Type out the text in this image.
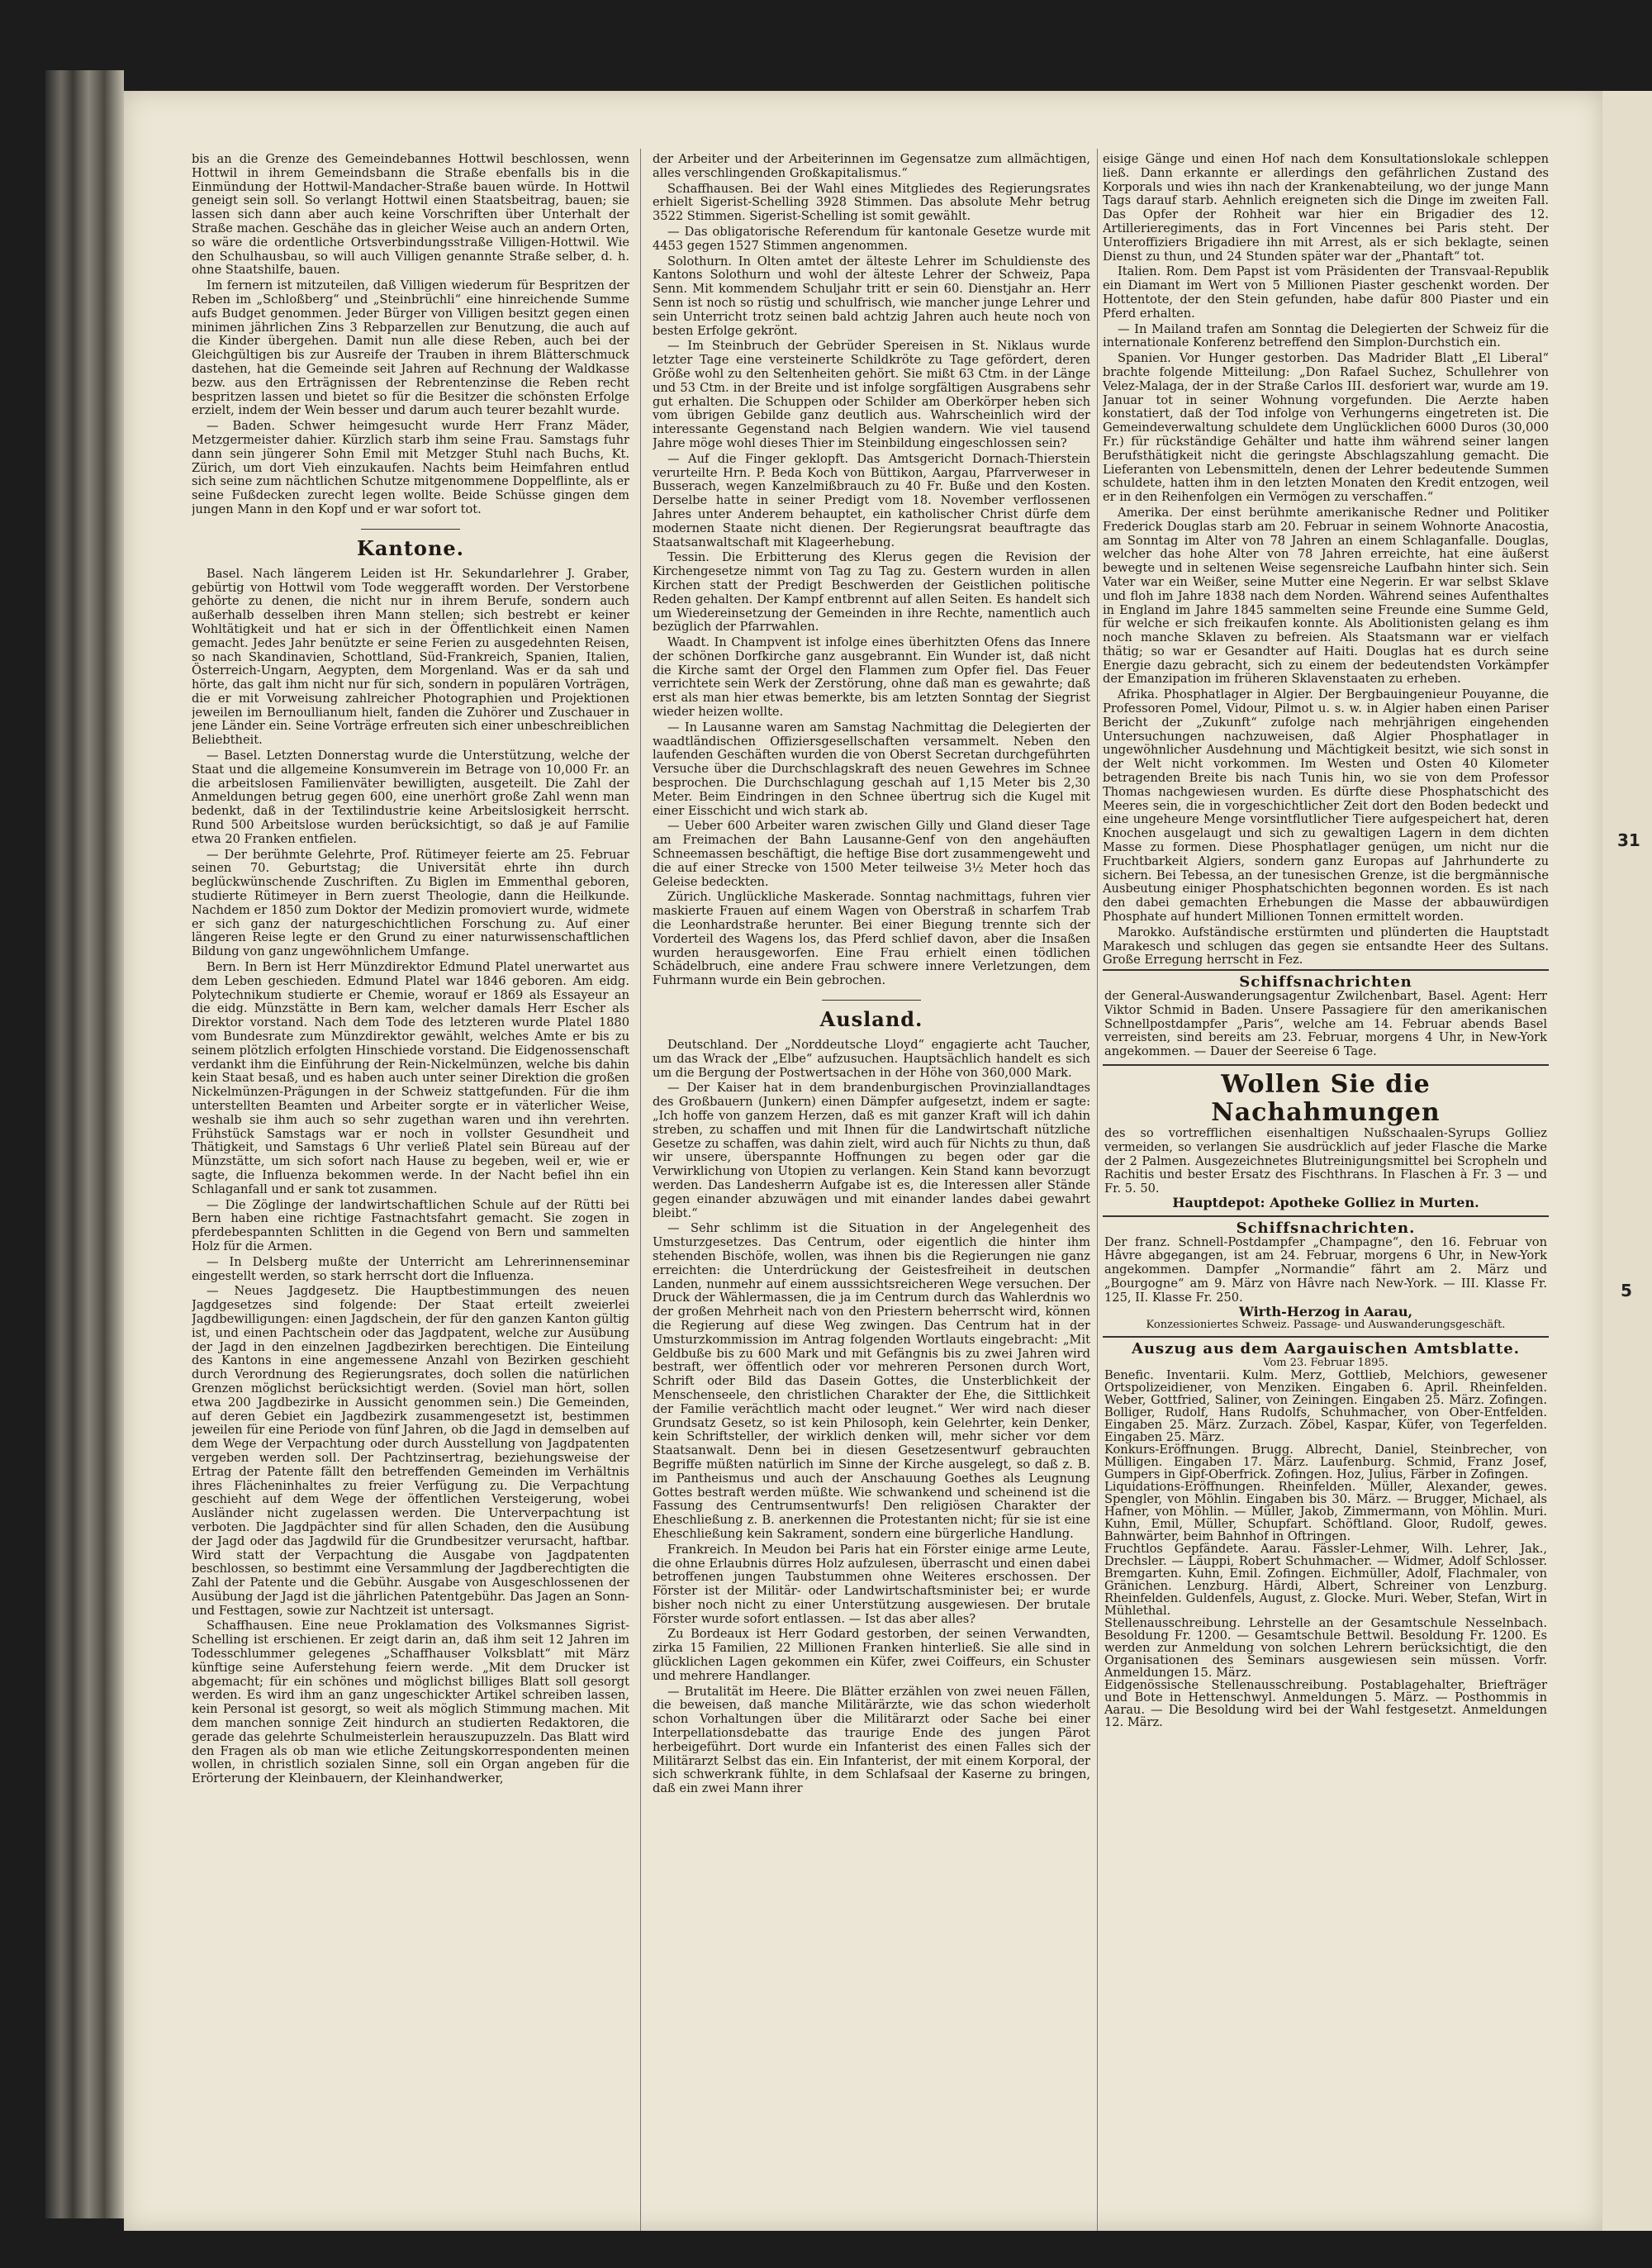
31
5

bis an die Grenze des Gemeindebannes Hottwil beschlossen, wenn Hottwil in ihrem Gemeindsbann die Straße ebenfalls bis in die Einmündung der Hottwil-Mandacher-Straße bauen würde. In Hottwil geneigt sein soll. So verlangt Hottwil einen Staatsbeitrag, bauen; sie lassen sich dann aber auch keine Vorschriften über Unterhalt der Straße machen. Geschähe das in gleicher Weise auch an andern Orten, so wäre die ordentliche Ortsverbindungsstraße Villigen-Hottwil. Wie den Schulhausbau, so will auch Villigen genannte Straße selber, d. h. ohne Staatshilfe, bauen.

Im fernern ist mitzuteilen, daß Villigen wiederum für Bespritzen der Reben im „Schloßberg“ und „Steinbrüchli“ eine hinreichende Summe aufs Budget genommen. Jeder Bürger von Villigen besitzt gegen einen minimen jährlichen Zins 3 Rebparzellen zur Benutzung, die auch auf die Kinder übergehen. Damit nun alle diese Reben, auch bei der Gleichgültigen bis zur Ausreife der Trauben in ihrem Blätterschmuck dastehen, hat die Gemeinde seit Jahren auf Rechnung der Waldkasse bezw. aus den Erträgnissen der Rebrentenzinse die Reben recht bespritzen lassen und bietet so für die Besitzer die schönsten Erfolge erzielt, indem der Wein besser und darum auch teurer bezahlt wurde.

— Baden. Schwer heimgesucht wurde Herr Franz Mäder, Metzgermeister dahier. Kürzlich starb ihm seine Frau. Samstags fuhr dann sein jüngerer Sohn Emil mit Metzger Stuhl nach Buchs, Kt. Zürich, um dort Vieh einzukaufen. Nachts beim Heimfahren entlud sich seine zum nächtlichen Schutze mitgenommene Doppelflinte, als er seine Fußdecken zurecht legen wollte. Beide Schüsse gingen dem jungen Mann in den Kopf und er war sofort tot.

Kantone.

Basel. Nach längerem Leiden ist Hr. Sekundarlehrer J. Graber, gebürtig von Hottwil vom Tode weggerafft worden. Der Verstorbene gehörte zu denen, die nicht nur in ihrem Berufe, sondern auch außerhalb desselben ihren Mann stellen; sich bestrebt er keiner Wohltätigkeit und hat er sich in der Öffentlichkeit einen Namen gemacht. Jedes Jahr benützte er seine Ferien zu ausgedehnten Reisen, so nach Skandinavien, Schottland, Süd-Frankreich, Spanien, Italien, Österreich-Ungarn, Aegypten, dem Morgenland. Was er da sah und hörte, das galt ihm nicht nur für sich, sondern in populären Vorträgen, die er mit Vorweisung zahlreicher Photographien und Projektionen jeweilen im Bernoullianum hielt, fanden die Zuhörer und Zuschauer in jene Länder ein. Seine Vorträge erfreuten sich einer unbeschreiblichen Beliebtheit.

— Basel. Letzten Donnerstag wurde die Unterstützung, welche der Staat und die allgemeine Konsumverein im Betrage von 10,000 Fr. an die arbeitslosen Familienväter bewilligten, ausgeteilt. Die Zahl der Anmeldungen betrug gegen 600, eine unerhört große Zahl wenn man bedenkt, daß in der Textilindustrie keine Arbeitslosigkeit herrscht. Rund 500 Arbeitslose wurden berücksichtigt, so daß je auf Familie etwa 20 Franken entfielen.

— Der berühmte Gelehrte, Prof. Rütimeyer feierte am 25. Februar seinen 70. Geburtstag; die Universität ehrte ihn durch beglückwünschende Zuschriften. Zu Biglen im Emmenthal geboren, studierte Rütimeyer in Bern zuerst Theologie, dann die Heilkunde. Nachdem er 1850 zum Doktor der Medizin promoviert wurde, widmete er sich ganz der naturgeschichtlichen Forschung zu. Auf einer längeren Reise legte er den Grund zu einer naturwissenschaftlichen Bildung von ganz ungewöhnlichem Umfange.

Bern. In Bern ist Herr Münzdirektor Edmund Platel unerwartet aus dem Leben geschieden. Edmund Platel war 1846 geboren. Am eidg. Polytechnikum studierte er Chemie, worauf er 1869 als Essayeur an die eidg. Münzstätte in Bern kam, welcher damals Herr Escher als Direktor vorstand. Nach dem Tode des letzteren wurde Platel 1880 vom Bundesrate zum Münzdirektor gewählt, welches Amte er bis zu seinem plötzlich erfolgten Hinschiede vorstand. Die Eidgenossenschaft verdankt ihm die Einführung der Rein-Nickelmünzen, welche bis dahin kein Staat besaß, und es haben auch unter seiner Direktion die großen Nickelmünzen-Prägungen in der Schweiz stattgefunden. Für die ihm unterstellten Beamten und Arbeiter sorgte er in väterlicher Weise, weshalb sie ihm auch so sehr zugethan waren und ihn verehrten. Frühstück Samstags war er noch in vollster Gesundheit und Thätigkeit, und Samstags 6 Uhr verließ Platel sein Büreau auf der Münzstätte, um sich sofort nach Hause zu begeben, weil er, wie er sagte, die Influenza bekommen werde. In der Nacht befiel ihn ein Schlaganfall und er sank tot zusammen.

— Die Zöglinge der landwirtschaftlichen Schule auf der Rütti bei Bern haben eine richtige Fastnachtsfahrt gemacht. Sie zogen in pferdebespannten Schlitten in die Gegend von Bern und sammelten Holz für die Armen.

— In Delsberg mußte der Unterricht am Lehrerinnenseminar eingestellt werden, so stark herrscht dort die Influenza.

— Neues Jagdgesetz. Die Hauptbestimmungen des neuen Jagdgesetzes sind folgende: Der Staat erteilt zweierlei Jagdbewilligungen: einen Jagdschein, der für den ganzen Kanton gültig ist, und einen Pachtschein oder das Jagdpatent, welche zur Ausübung der Jagd in den einzelnen Jagdbezirken berechtigen. Die Einteilung des Kantons in eine angemessene Anzahl von Bezirken geschieht durch Verordnung des Regierungsrates, doch sollen die natürlichen Grenzen möglichst berücksichtigt werden. (Soviel man hört, sollen etwa 200 Jagdbezirke in Aussicht genommen sein.) Die Gemeinden, auf deren Gebiet ein Jagdbezirk zusammengesetzt ist, bestimmen jeweilen für eine Periode von fünf Jahren, ob die Jagd in demselben auf dem Wege der Verpachtung oder durch Ausstellung von Jagdpatenten vergeben werden soll. Der Pachtzinsertrag, beziehungsweise der Ertrag der Patente fällt den betreffenden Gemeinden im Verhältnis ihres Flächeninhaltes zu freier Verfügung zu. Die Verpachtung geschieht auf dem Wege der öffentlichen Versteigerung, wobei Ausländer nicht zugelassen werden. Die Unterverpachtung ist verboten. Die Jagdpächter sind für allen Schaden, den die Ausübung der Jagd oder das Jagdwild für die Grundbesitzer verursacht, haftbar. Wird statt der Verpachtung die Ausgabe von Jagdpatenten beschlossen, so bestimmt eine Versammlung der Jagdberechtigten die Zahl der Patente und die Gebühr. Ausgabe von Ausgeschlossenen der Ausübung der Jagd ist die jährlichen Patentgebühr. Das Jagen an Sonn- und Festtagen, sowie zur Nachtzeit ist untersagt.

Schaffhausen. Eine neue Proklamation des Volksmannes Sigrist-Schelling ist erschienen. Er zeigt darin an, daß ihm seit 12 Jahren im Todesschlummer gelegenes „Schaffhauser Volksblatt“ mit März künftige seine Auferstehung feiern werde. „Mit dem Drucker ist abgemacht; für ein schönes und möglichst billiges Blatt soll gesorgt werden. Es wird ihm an ganz ungeschickter Artikel schreiben lassen, kein Personal ist gesorgt, so weit als möglich Stimmung machen. Mit dem manchen sonnige Zeit hindurch an studierten Redaktoren, die gerade das gelehrte Schulmeisterlein herauszupuzzeln. Das Blatt wird den Fragen als ob man wie etliche Zeitungskorrespondenten meinen wollen, in christlich sozialen Sinne, soll ein Organ angeben für die Erörterung der Kleinbauern, der Kleinhandwerker,

der Arbeiter und der Arbeiterinnen im Gegensatze zum allmächtigen, alles verschlingenden Großkapitalismus.“

Schaffhausen. Bei der Wahl eines Mitgliedes des Regierungsrates erhielt Sigerist-Schelling 3928 Stimmen. Das absolute Mehr betrug 3522 Stimmen. Sigerist-Schelling ist somit gewählt.

— Das obligatorische Referendum für kantonale Gesetze wurde mit 4453 gegen 1527 Stimmen angenommen.

Solothurn. In Olten amtet der älteste Lehrer im Schuldienste des Kantons Solothurn und wohl der älteste Lehrer der Schweiz, Papa Senn. Mit kommendem Schuljahr tritt er sein 60. Dienstjahr an. Herr Senn ist noch so rüstig und schulfrisch, wie mancher junge Lehrer und sein Unterricht trotz seinen bald achtzig Jahren auch heute noch von besten Erfolge gekrönt.

— Im Steinbruch der Gebrüder Spereisen in St. Niklaus wurde letzter Tage eine versteinerte Schildkröte zu Tage gefördert, deren Größe wohl zu den Seltenheiten gehört. Sie mißt 63 Ctm. in der Länge und 53 Ctm. in der Breite und ist infolge sorgfältigen Ausgrabens sehr gut erhalten. Die Schuppen oder Schilder am Oberkörper heben sich vom übrigen Gebilde ganz deutlich aus. Wahrscheinlich wird der interessante Gegenstand nach Belgien wandern. Wie viel tausend Jahre möge wohl dieses Thier im Steinbildung eingeschlossen sein?

— Auf die Finger geklopft. Das Amtsgericht Dornach-Thierstein verurteilte Hrn. P. Beda Koch von Büttikon, Aargau, Pfarrverweser in Busserach, wegen Kanzelmißbrauch zu 40 Fr. Buße und den Kosten. Derselbe hatte in seiner Predigt vom 18. November verflossenen Jahres unter Anderem behauptet, ein katholischer Christ dürfe dem modernen Staate nicht dienen. Der Regierungsrat beauftragte das Staatsanwaltschaft mit Klageerhebung.

Tessin. Die Erbitterung des Klerus gegen die Revision der Kirchengesetze nimmt von Tag zu Tag zu. Gestern wurden in allen Kirchen statt der Predigt Beschwerden der Geistlichen politische Reden gehalten. Der Kampf entbrennt auf allen Seiten. Es handelt sich um Wiedereinsetzung der Gemeinden in ihre Rechte, namentlich auch bezüglich der Pfarrwahlen.

Waadt. In Champvent ist infolge eines überhitzten Ofens das Innere der schönen Dorfkirche ganz ausgebrannt. Ein Wunder ist, daß nicht die Kirche samt der Orgel den Flammen zum Opfer fiel. Das Feuer verrichtete sein Werk der Zerstörung, ohne daß man es gewahrte; daß erst als man hier etwas bemerkte, bis am letzten Sonntag der Siegrist wieder heizen wollte.

— In Lausanne waren am Samstag Nachmittag die Delegierten der waadtländischen Offiziersgesellschaften versammelt. Neben den laufenden Geschäften wurden die von Oberst Secretan durchgeführten Versuche über die Durchschlagskraft des neuen Gewehres im Schnee besprochen. Die Durchschlagung geschah auf 1,15 Meter bis 2,30 Meter. Beim Eindringen in den Schnee übertrug sich die Kugel mit einer Eisschicht und wich stark ab.

— Ueber 600 Arbeiter waren zwischen Gilly und Gland dieser Tage am Freimachen der Bahn Lausanne-Genf von den angehäuften Schneemassen beschäftigt, die heftige Bise dort zusammengeweht und die auf einer Strecke von 1500 Meter teilweise 3½ Meter hoch das Geleise bedeckten.

Zürich. Unglückliche Maskerade. Sonntag nachmittags, fuhren vier maskierte Frauen auf einem Wagen von Oberstraß in scharfem Trab die Leonhardstraße herunter. Bei einer Biegung trennte sich der Vorderteil des Wagens los, das Pferd schlief davon, aber die Insaßen wurden herausgeworfen. Eine Frau erhielt einen tödlichen Schädelbruch, eine andere Frau schwere innere Verletzungen, dem Fuhrmann wurde ein Bein gebrochen.

Ausland.

Deutschland. Der „Norddeutsche Lloyd“ engagierte acht Taucher, um das Wrack der „Elbe“ aufzusuchen. Hauptsächlich handelt es sich um die Bergung der Postwertsachen in der Höhe von 360,000 Mark.

— Der Kaiser hat in dem brandenburgischen Provinziallandtages des Großbauern (Junkern) einen Dämpfer aufgesetzt, indem er sagte: „Ich hoffe von ganzem Herzen, daß es mit ganzer Kraft will ich dahin streben, zu schaffen und mit Ihnen für die Landwirtschaft nützliche Gesetze zu schaffen, was dahin zielt, wird auch für Nichts zu thun, daß wir unsere, überspannte Hoffnungen zu begen oder gar die Verwirklichung von Utopien zu verlangen. Kein Stand kann bevorzugt werden. Das Landesherrn Aufgabe ist es, die Interessen aller Stände gegen einander abzuwägen und mit einander landes dabei gewahrt bleibt.“

— Sehr schlimm ist die Situation in der Angelegenheit des Umsturzgesetzes. Das Centrum, oder eigentlich die hinter ihm stehenden Bischöfe, wollen, was ihnen bis die Regierungen nie ganz erreichten: die Unterdrückung der Geistesfreiheit in deutschen Landen, nunmehr auf einem ausssichtsreicheren Wege versuchen. Der Druck der Wählermassen, die ja im Centrum durch das Wahlerdnis wo der großen Mehrheit nach von den Priestern beherrscht wird, können die Regierung auf diese Weg zwingen. Das Centrum hat in der Umsturzkommission im Antrag folgenden Wortlauts eingebracht: „Mit Geldbuße bis zu 600 Mark und mit Gefängnis bis zu zwei Jahren wird bestraft, wer öffentlich oder vor mehreren Personen durch Wort, Schrift oder Bild das Dasein Gottes, die Unsterblichkeit der Menschenseele, den christlichen Charakter der Ehe, die Sittlichkeit der Familie verächtlich macht oder leugnet.“ Wer wird nach dieser Grundsatz Gesetz, so ist kein Philosoph, kein Gelehrter, kein Denker, kein Schriftsteller, der wirklich denken will, mehr sicher vor dem Staatsanwalt. Denn bei in diesen Gesetzesentwurf gebrauchten Begriffe müßten natürlich im Sinne der Kirche ausgelegt, so daß z. B. im Pantheismus und auch der Anschauung Goethes als Leugnung Gottes bestraft werden müßte. Wie schwankend und scheinend ist die Fassung des Centrumsentwurfs! Den religiösen Charakter der Eheschließung z. B. anerkennen die Protestanten nicht; für sie ist eine Eheschließung kein Sakrament, sondern eine bürgerliche Handlung.

Frankreich. In Meudon bei Paris hat ein Förster einige arme Leute, die ohne Erlaubnis dürres Holz aufzulesen, überrascht und einen dabei betroffenen jungen Taubstummen ohne Weiteres erschossen. Der Förster ist der Militär- oder Landwirtschaftsminister bei; er wurde bisher noch nicht zu einer Unterstützung ausgewiesen. Der brutale Förster wurde sofort entlassen. — Ist das aber alles?

Zu Bordeaux ist Herr Godard gestorben, der seinen Verwandten, zirka 15 Familien, 22 Millionen Franken hinterließ. Sie alle sind in glücklichen Lagen gekommen ein Küfer, zwei Coiffeurs, ein Schuster und mehrere Handlanger.

— Brutalität im Heere. Die Blätter erzählen von zwei neuen Fällen, die beweisen, daß manche Militärärzte, wie das schon wiederholt schon Vorhaltungen über die Militärarzt oder Sache bei einer Interpellationsdebatte das traurige Ende des jungen Pärot herbeigeführt. Dort wurde ein Infanterist des einen Falles sich der Militärarzt Selbst das ein. Ein Infanterist, der mit einem Korporal, der sich schwerkrank fühlte, in dem Schlafsaal der Kaserne zu bringen, daß ein zwei Mann ihrer

eisige Gänge und einen Hof nach dem Konsultationslokale schleppen ließ. Dann erkannte er allerdings den gefährlichen Zustand des Korporals und wies ihn nach der Krankenabteilung, wo der junge Mann Tags darauf starb. Aehnlich ereigneten sich die Dinge im zweiten Fall. Das Opfer der Rohheit war hier ein Brigadier des 12. Artillerieregiments, das in Fort Vincennes bei Paris steht. Der Unteroffiziers Brigadiere ihn mit Arrest, als er sich beklagte, seinen Dienst zu thun, und 24 Stunden später war der „Phantaft“ tot.

Italien. Rom. Dem Papst ist vom Präsidenten der Transvaal-Republik ein Diamant im Wert von 5 Millionen Piaster geschenkt worden. Der Hottentote, der den Stein gefunden, habe dafür 800 Piaster und ein Pferd erhalten.

— In Mailand trafen am Sonntag die Delegierten der Schweiz für die internationale Konferenz betreffend den Simplon-Durchstich ein.

Spanien. Vor Hunger gestorben. Das Madrider Blatt „El Liberal“ brachte folgende Mitteilung: „Don Rafael Suchez, Schullehrer von Velez-Malaga, der in der Straße Carlos III. desforiert war, wurde am 19. Januar tot in seiner Wohnung vorgefunden. Die Aerzte haben konstatiert, daß der Tod infolge von Verhungerns eingetreten ist. Die Gemeindeverwaltung schuldete dem Unglücklichen 6000 Duros (30,000 Fr.) für rückständige Gehälter und hatte ihm während seiner langen Berufsthätigkeit nicht die geringste Abschlagszahlung gemacht. Die Lieferanten von Lebensmitteln, denen der Lehrer bedeutende Summen schuldete, hatten ihm in den letzten Monaten den Kredit entzogen, weil er in den Reihenfolgen ein Vermögen zu verschaffen.“

Amerika. Der einst berühmte amerikanische Redner und Politiker Frederick Douglas starb am 20. Februar in seinem Wohnorte Anacostia, am Sonntag im Alter von 78 Jahren an einem Schlaganfalle. Douglas, welcher das hohe Alter von 78 Jahren erreichte, hat eine äußerst bewegte und in seltenen Weise segensreiche Laufbahn hinter sich. Sein Vater war ein Weißer, seine Mutter eine Negerin. Er war selbst Sklave und floh im Jahre 1838 nach dem Norden. Während seines Aufenthaltes in England im Jahre 1845 sammelten seine Freunde eine Summe Geld, für welche er sich freikaufen konnte. Als Abolitionisten gelang es ihm noch manche Sklaven zu befreien. Als Staatsmann war er vielfach thätig; so war er Gesandter auf Haiti. Douglas hat es durch seine Energie dazu gebracht, sich zu einem der bedeutendsten Vorkämpfer der Emanzipation im früheren Sklavenstaaten zu erheben.

Afrika. Phosphatlager in Algier. Der Bergbauingenieur Pouyanne, die Professoren Pomel, Vidour, Pilmot u. s. w. in Algier haben einen Pariser Bericht der „Zukunft“ zufolge nach mehrjährigen eingehenden Untersuchungen nachzuweisen, daß Algier Phosphatlager in ungewöhnlicher Ausdehnung und Mächtigkeit besitzt, wie sich sonst in der Welt nicht vorkommen. Im Westen und Osten 40 Kilometer betragenden Breite bis nach Tunis hin, wo sie von dem Professor Thomas nachgewiesen wurden. Es dürfte diese Phosphatschicht des Meeres sein, die in vorgeschichtlicher Zeit dort den Boden bedeckt und eine ungeheure Menge vorsintflutlicher Tiere aufgespeichert hat, deren Knochen ausgelaugt und sich zu gewaltigen Lagern in dem dichten Masse zu formen. Diese Phosphatlager genügen, um nicht nur die Fruchtbarkeit Algiers, sondern ganz Europas auf Jahrhunderte zu sichern. Bei Tebessa, an der tunesischen Grenze, ist die bergmännische Ausbeutung einiger Phosphatschichten begonnen worden. Es ist nach den dabei gemachten Erhebungen die Masse der abbauwürdigen Phosphate auf hundert Millionen Tonnen ermittelt worden.

Marokko. Aufständische erstürmten und plünderten die Hauptstadt Marakesch und schlugen das gegen sie entsandte Heer des Sultans. Große Erregung herrscht in Fez.

Schiffsnachrichten
der General-Auswanderungsagentur Zwilchenbart, Basel. Agent: Herr Viktor Schmid in Baden. Unsere Passagiere für den amerikanischen Schnellpostdampfer „Paris“, welche am 14. Februar abends Basel verreisten, sind bereits am 23. Februar, morgens 4 Uhr, in New-York angekommen. — Dauer der Seereise 6 Tage.
Wollen Sie die Nachahmungen
des so vortrefflichen eisenhaltigen Nußschaalen-Syrups Golliez vermeiden, so verlangen Sie ausdrücklich auf jeder Flasche die Marke der 2 Palmen. Ausgezeichnetes Blutreinigungsmittel bei Scropheln und Rachitis und bester Ersatz des Fischthrans. In Flaschen à Fr. 3 — und Fr. 5. 50.
Hauptdepot: Apotheke Golliez in Murten.
Schiffsnachrichten.
Der franz. Schnell-Postdampfer „Champagne“, den 16. Februar von Hâvre abgegangen, ist am 24. Februar, morgens 6 Uhr, in New-York angekommen. Dampfer „Normandie“ fährt am 2. März und „Bourgogne“ am 9. März von Hâvre nach New-York. — III. Klasse Fr. 125, II. Klasse Fr. 250.
Wirth-Herzog in Aarau,
Konzessioniertes Schweiz. Passage- und Auswanderungsgeschäft.
Auszug aus dem Aargauischen Amtsblatte.
Vom 23. Februar 1895.
Benefic. Inventarii. Kulm. Merz, Gottlieb, Melchiors, gewesener Ortspolizeidiener, von Menziken. Eingaben 6. April. Rheinfelden. Weber, Gottfried, Saliner, von Zeiningen. Eingaben 25. März. Zofingen. Bolliger, Rudolf, Hans Rudolfs, Schuhmacher, von Ober-Entfelden. Eingaben 25. März. Zurzach. Zöbel, Kaspar, Küfer, von Tegerfelden. Eingaben 25. März.
Konkurs-Eröffnungen. Brugg. Albrecht, Daniel, Steinbrecher, von Mülligen. Eingaben 17. März. Laufenburg. Schmid, Franz Josef, Gumpers in Gipf-Oberfrick. Zofingen. Hoz, Julius, Färber in Zofingen.
Liquidations-Eröffnungen. Rheinfelden. Müller, Alexander, gewes. Spengler, von Möhlin. Eingaben bis 30. März. — Brugger, Michael, als Hafner, von Möhlin. — Müller, Jakob, Zimmermann, von Möhlin. Muri. Kuhn, Emil, Müller, Schupfart. Schöftland. Gloor, Rudolf, gewes. Bahnwärter, beim Bahnhof in Oftringen.
Fruchtlos Gepfändete. Aarau. Fässler-Lehmer, Wilh. Lehrer, Jak., Drechsler. — Läuppi, Robert Schuhmacher. — Widmer, Adolf Schlosser. Bremgarten. Kuhn, Emil. Zofingen. Eichmüller, Adolf, Flachmaler, von Gränichen. Lenzburg. Härdi, Albert, Schreiner von Lenzburg. Rheinfelden. Guldenfels, August, z. Glocke. Muri. Weber, Stefan, Wirt in Mühlethal.
Stellenausschreibung. Lehrstelle an der Gesamtschule Nesselnbach. Besoldung Fr. 1200. — Gesamtschule Bettwil. Besoldung Fr. 1200. Es werden zur Anmeldung von solchen Lehrern berücksichtigt, die den Organisationen des Seminars ausgewiesen sein müssen. Vorfr. Anmeldungen 15. März.
Eidgenössische Stellenausschreibung. Postablagehalter, Briefträger und Bote in Hettenschwyl. Anmeldungen 5. März. — Posthommis in Aarau. — Die Besoldung wird bei der Wahl festgesetzt. Anmeldungen 12. März.
